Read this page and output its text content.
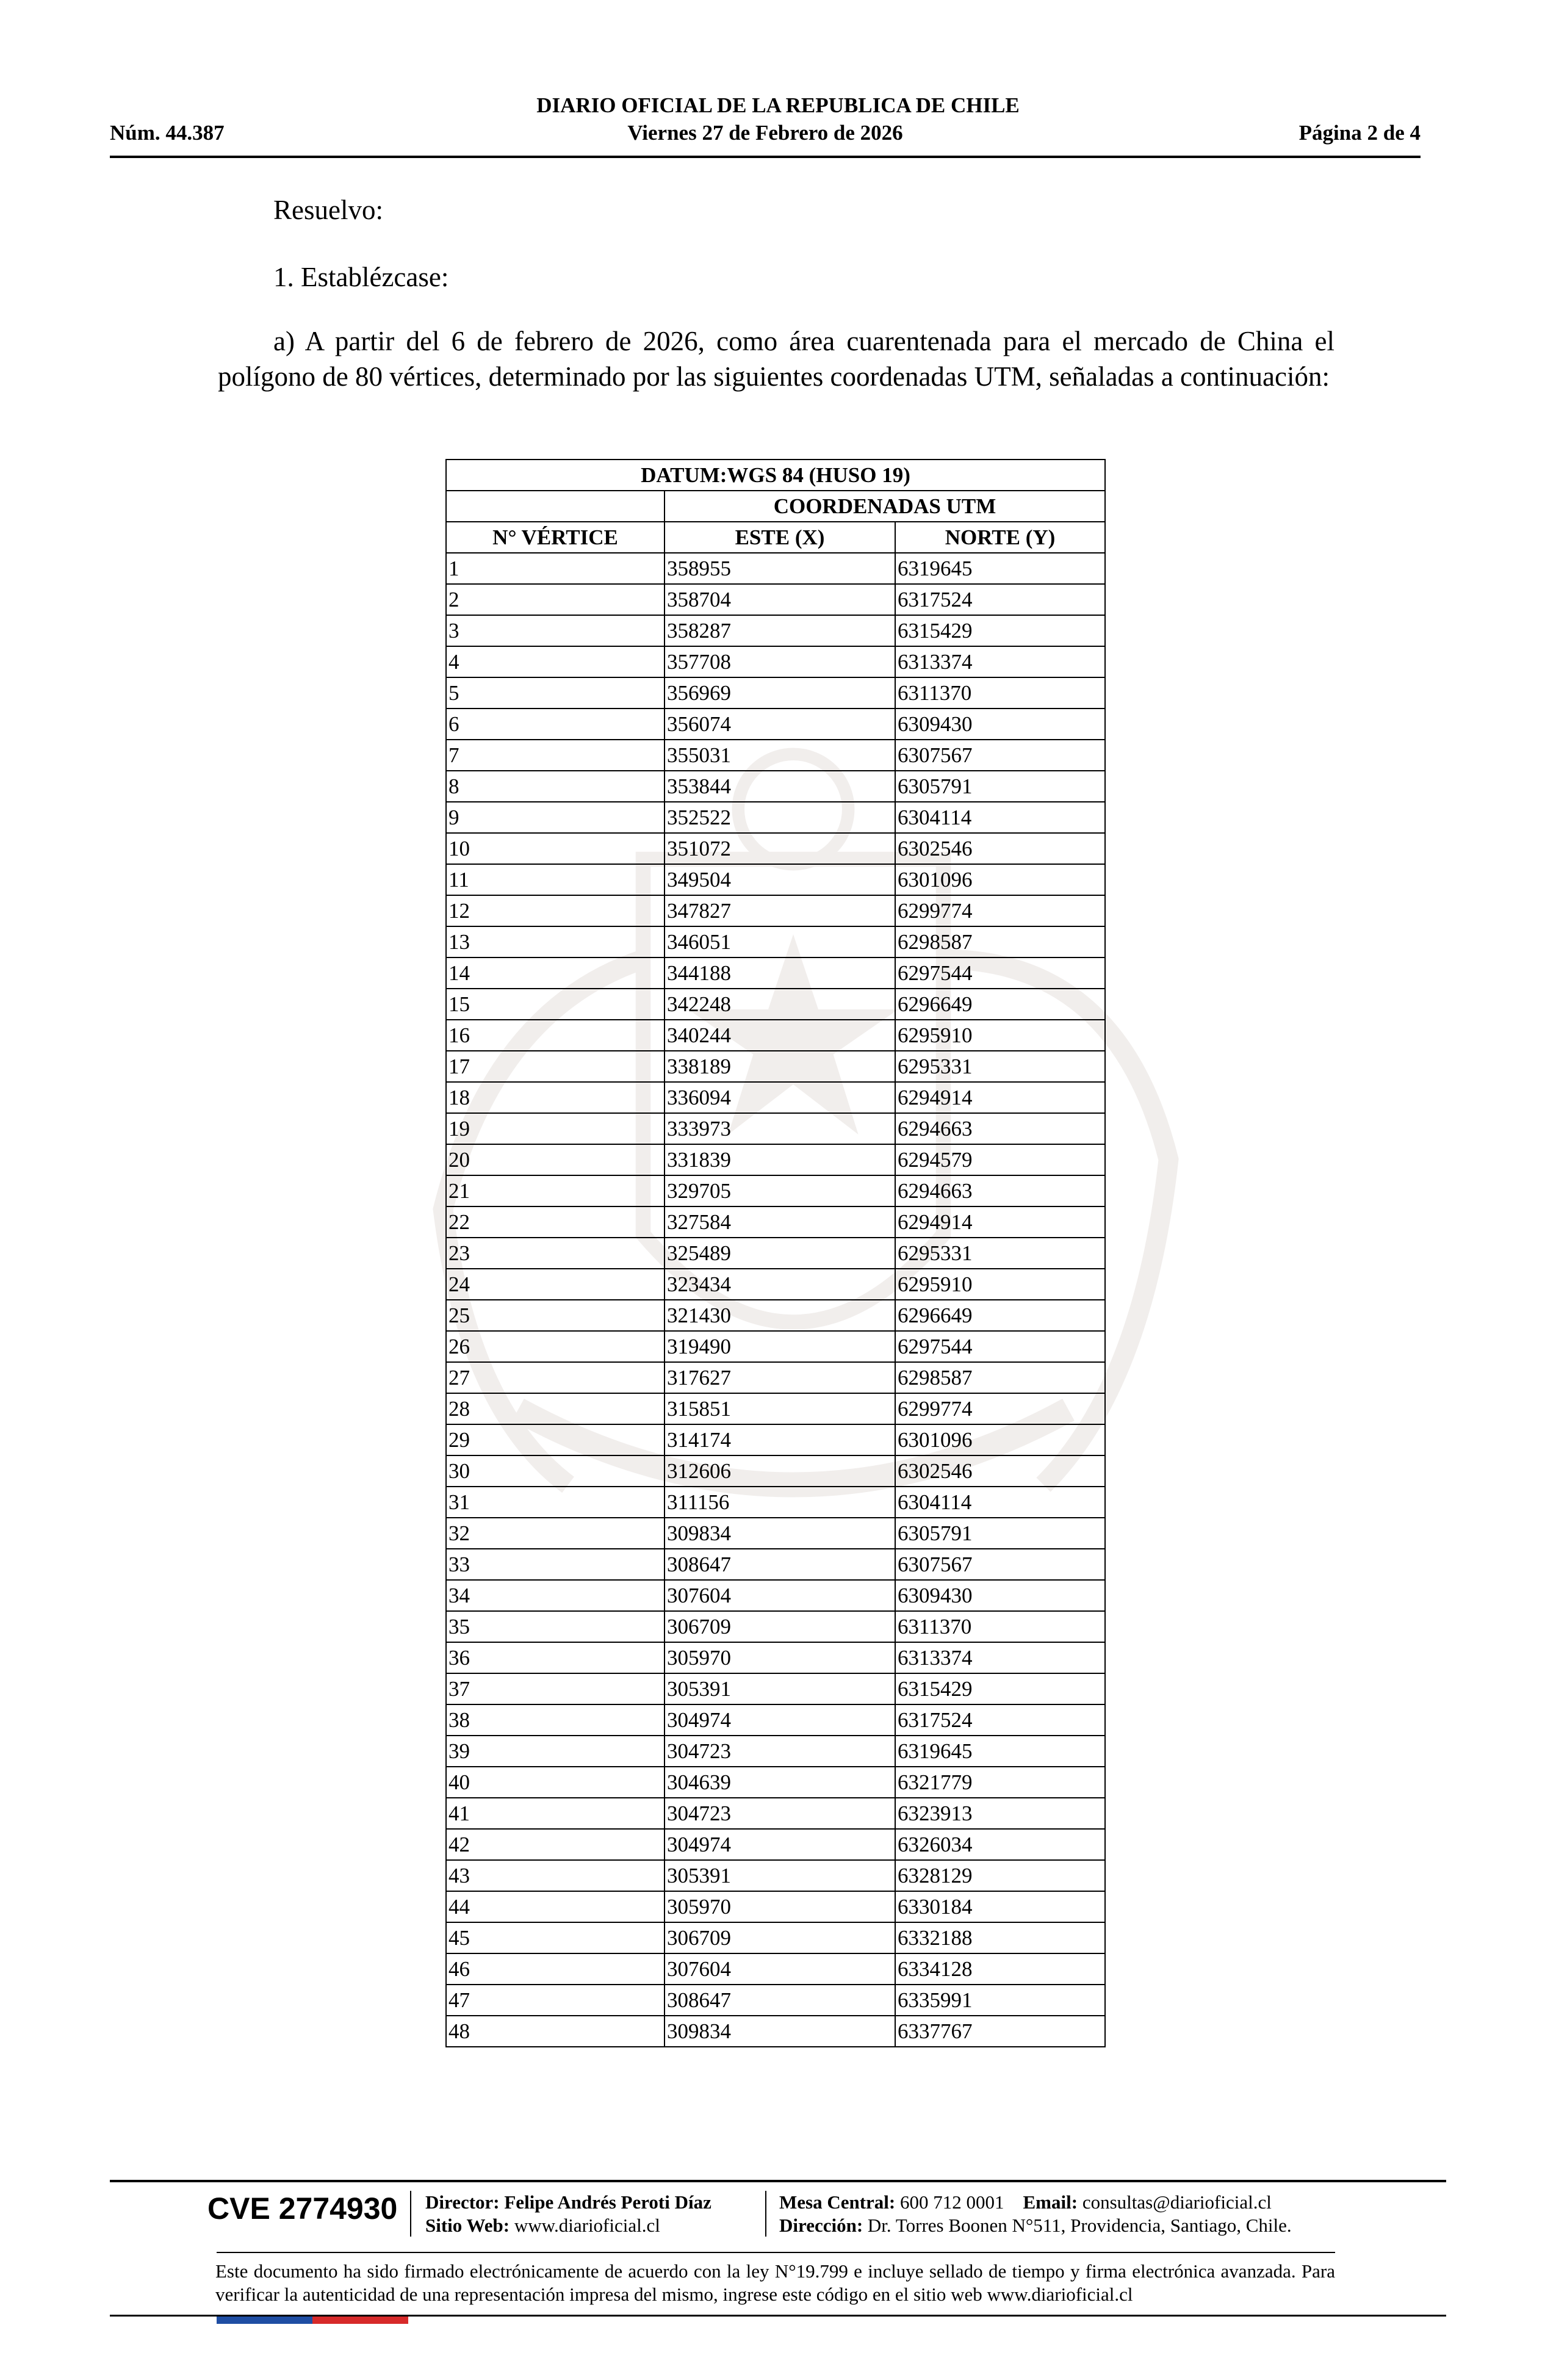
DIARIO OFICIAL DE LA REPUBLICA DE CHILE
Núm. 44.387	Viernes 27 de Febrero de 2026	Página 2 de 4
Resuelvo:
1. Establézcase:
a) A partir del 6 de febrero de 2026, como área cuarentenada para el mercado de China el polígono de 80 vértices, determinado por las siguientes coordenadas UTM, señaladas a continuación:
DATUM:WGS 84 (HUSO 19)		
	COORDENADAS UTM	
N° VÉRTICE	ESTE (X)	NORTE (Y)
1	358955	6319645
2	358704	6317524
3	358287	6315429
4	357708	6313374
5	356969	6311370
6	356074	6309430
7	355031	6307567
8	353844	6305791
9	352522	6304114
10	351072	6302546
11	349504	6301096
12	347827	6299774
13	346051	6298587
14	344188	6297544
15	342248	6296649
16	340244	6295910
17	338189	6295331
18	336094	6294914
19	333973	6294663
20	331839	6294579
21	329705	6294663
22	327584	6294914
23	325489	6295331
24	323434	6295910
25	321430	6296649
26	319490	6297544
27	317627	6298587
28	315851	6299774
29	314174	6301096
30	312606	6302546
31	311156	6304114
32	309834	6305791
33	308647	6307567
34	307604	6309430
35	306709	6311370
36	305970	6313374
37	305391	6315429
38	304974	6317524
39	304723	6319645
40	304639	6321779
41	304723	6323913
42	304974	6326034
43	305391	6328129
44	305970	6330184
45	306709	6332188
46	307604	6334128
47	308647	6335991
48	309834	6337767
CVE 2774930 Director: Felipe Andrés Peroti Díaz
Sitio Web: www.diarioficial.cl
Mesa Central: 600 712 0001 Email: consultas@diarioficial.cl
Dirección: Dr. Torres Boonen N°511, Providencia, Santiago, Chile.
Este documento ha sido firmado electrónicamente de acuerdo con la ley N°19.799 e incluye sellado de tiempo y firma electrónica avanzada. Para verificar la autenticidad de una representación impresa del mismo, ingrese este código en el sitio web www.diarioficial.cl
